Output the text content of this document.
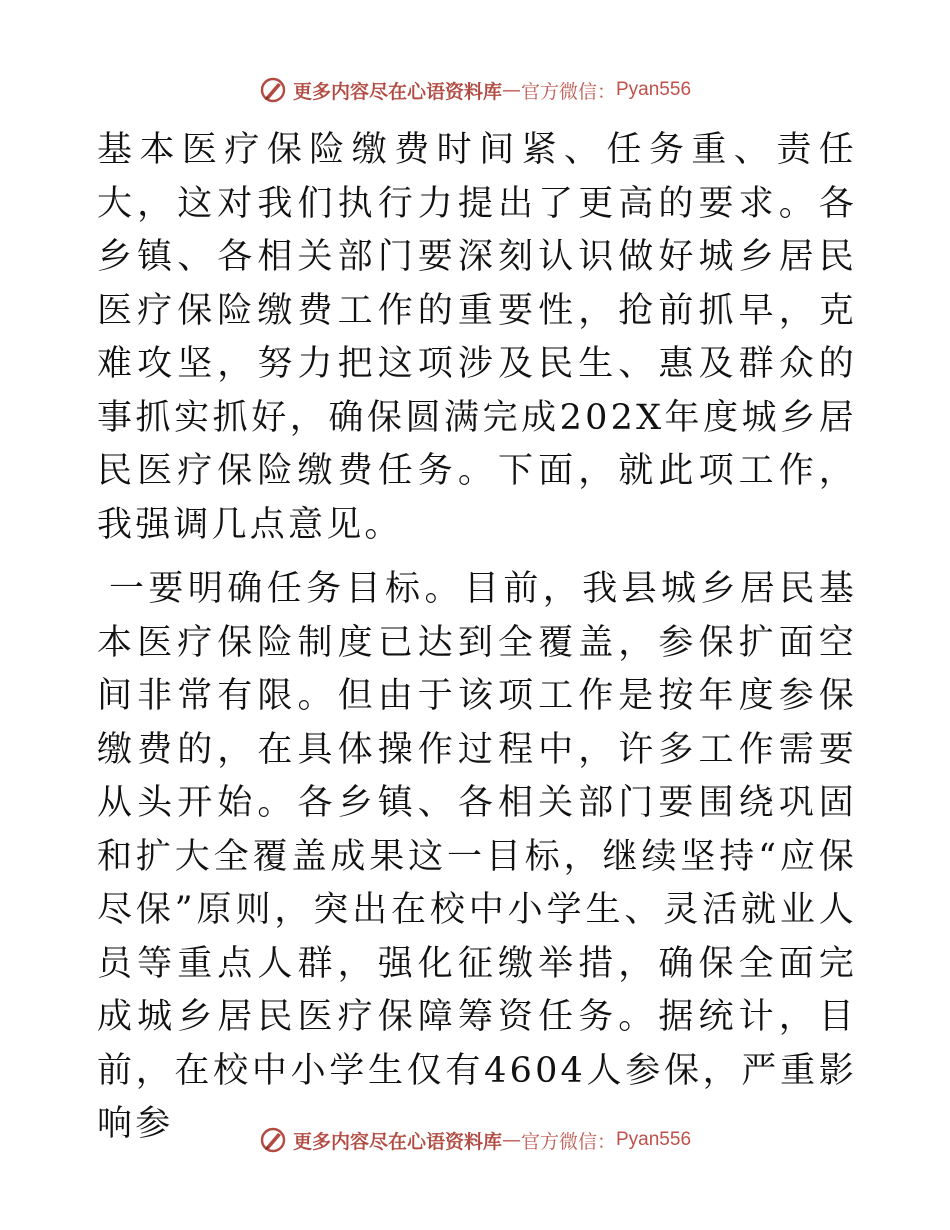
更多内容尽在心语资料库 — 官方微信： Pyan556

基本医疗保险缴费时间紧、任务重、责任大，这对我们执行力提出了更高的要求。各乡镇、各相关部门要深刻认识做好城乡居民医疗保险缴费工作的重要性，抢前抓早，克难攻坚，努力把这项涉及民生、惠及群众的事抓实抓好，确保圆满完成202X年度城乡居民医疗保险缴费任务。下面，就此项工作，我强调几点意见。

一要明确任务目标。目前，我县城乡居民基本医疗保险制度已达到全覆盖，参保扩面空间非常有限。但由于该项工作是按年度参保缴费的，在具体操作过程中，许多工作需要从头开始。各乡镇、各相关部门要围绕巩固和扩大全覆盖成果这一目标，继续坚持“应保尽保”原则，突出在校中小学生、灵活就业人员等重点人群，强化征缴举措，确保全面完成城乡居民医疗保障筹资任务。据统计，目前，在校中小学生仅有4604人参保，严重影响参	更多内容尽在心语资料库 — 官方微信： Pyan556
